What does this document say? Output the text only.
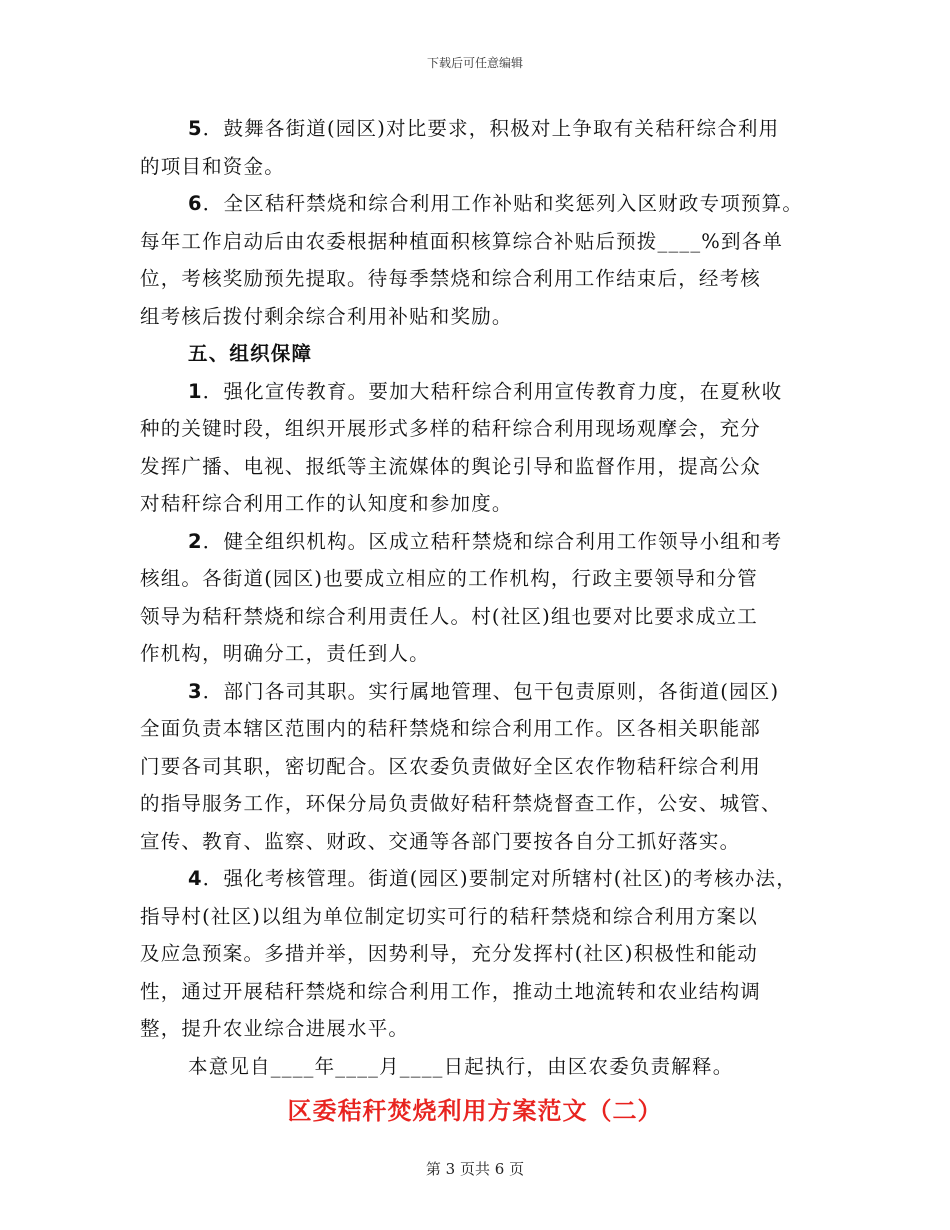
下载后可任意编辑

5．鼓舞各街道(园区)对比要求，积极对上争取有关秸秆综合利用
的项目和资金。

6．全区秸秆禁烧和综合利用工作补贴和奖惩列入区财政专项预算。
每年工作启动后由农委根据种植面积核算综合补贴后预拨____%到各单
位，考核奖励预先提取。待每季禁烧和综合利用工作结束后，经考核
组考核后拨付剩余综合利用补贴和奖励。

五、组织保障

1．强化宣传教育。要加大秸秆综合利用宣传教育力度，在夏秋收
种的关键时段，组织开展形式多样的秸秆综合利用现场观摩会，充分
发挥广播、电视、报纸等主流媒体的舆论引导和监督作用，提高公众
对秸秆综合利用工作的认知度和参加度。

2．健全组织机构。区成立秸秆禁烧和综合利用工作领导小组和考
核组。各街道(园区)也要成立相应的工作机构，行政主要领导和分管
领导为秸秆禁烧和综合利用责任人。村(社区)组也要对比要求成立工
作机构，明确分工，责任到人。

3．部门各司其职。实行属地管理、包干包责原则，各街道(园区)
全面负责本辖区范围内的秸秆禁烧和综合利用工作。区各相关职能部
门要各司其职，密切配合。区农委负责做好全区农作物秸秆综合利用
的指导服务工作，环保分局负责做好秸秆禁烧督查工作，公安、城管、
宣传、教育、监察、财政、交通等各部门要按各自分工抓好落实。

4．强化考核管理。街道(园区)要制定对所辖村(社区)的考核办法，
指导村(社区)以组为单位制定切实可行的秸秆禁烧和综合利用方案以
及应急预案。多措并举，因势利导，充分发挥村(社区)积极性和能动
性，通过开展秸秆禁烧和综合利用工作，推动土地流转和农业结构调
整，提升农业综合进展水平。

本意见自____年____月____日起执行，由区农委负责解释。

区委秸秆焚烧利用方案范文（二）
第 3 页共 6 页
